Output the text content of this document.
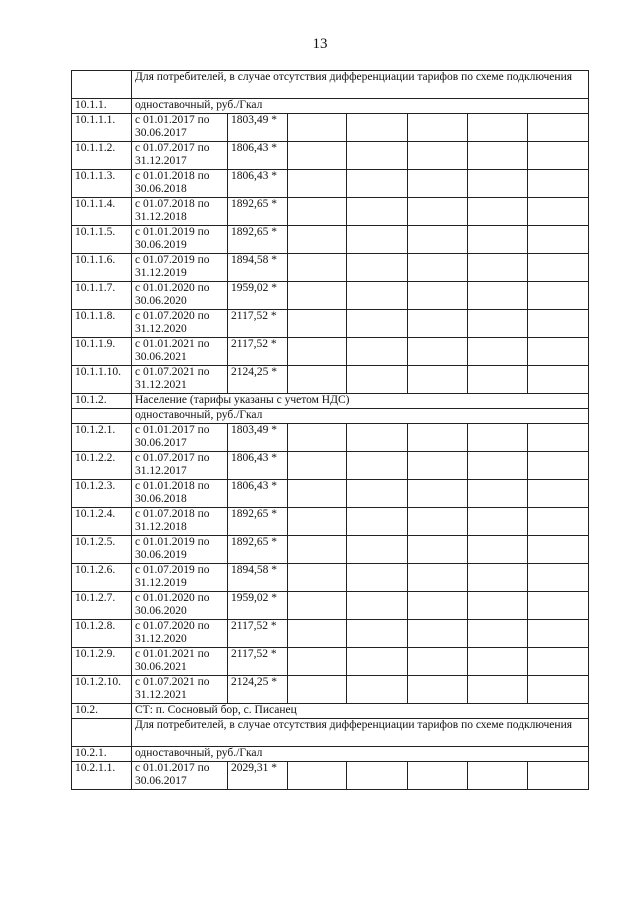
13
	Для потребителей, в случае отсутствия дифференциации тарифов по схеме подключения						
10.1.1.	одноставочный, руб./Гкал						
10.1.1.1.	с 01.01.2017 по 30.06.2017	1803,49 *					
10.1.1.2.	с 01.07.2017 по 31.12.2017	1806,43 *					
10.1.1.3.	с 01.01.2018 по 30.06.2018	1806,43 *					
10.1.1.4.	с 01.07.2018 по 31.12.2018	1892,65 *					
10.1.1.5.	с 01.01.2019 по 30.06.2019	1892,65 *					
10.1.1.6.	с 01.07.2019 по 31.12.2019	1894,58 *					
10.1.1.7.	с 01.01.2020 по 30.06.2020	1959,02 *					
10.1.1.8.	с 01.07.2020 по 31.12.2020	2117,52 *					
10.1.1.9.	с 01.01.2021 по 30.06.2021	2117,52 *					
10.1.1.10.	с 01.07.2021 по 31.12.2021	2124,25 *					
10.1.2.	Население (тарифы указаны с учетом НДС)						
	одноставочный, руб./Гкал						
10.1.2.1.	с 01.01.2017 по 30.06.2017	1803,49 *					
10.1.2.2.	с 01.07.2017 по 31.12.2017	1806,43 *					
10.1.2.3.	с 01.01.2018 по 30.06.2018	1806,43 *					
10.1.2.4.	с 01.07.2018 по 31.12.2018	1892,65 *					
10.1.2.5.	с 01.01.2019 по 30.06.2019	1892,65 *					
10.1.2.6.	с 01.07.2019 по 31.12.2019	1894,58 *					
10.1.2.7.	с 01.01.2020 по 30.06.2020	1959,02 *					
10.1.2.8.	с 01.07.2020 по 31.12.2020	2117,52 *					
10.1.2.9.	с 01.01.2021 по 30.06.2021	2117,52 *					
10.1.2.10.	с 01.07.2021 по 31.12.2021	2124,25 *					
10.2.	СТ: п. Сосновый бор, с. Писанец						
	Для потребителей, в случае отсутствия дифференциации тарифов по схеме подключения						
10.2.1.	одноставочный, руб./Гкал						
10.2.1.1.	с 01.01.2017 по 30.06.2017	2029,31 *					
